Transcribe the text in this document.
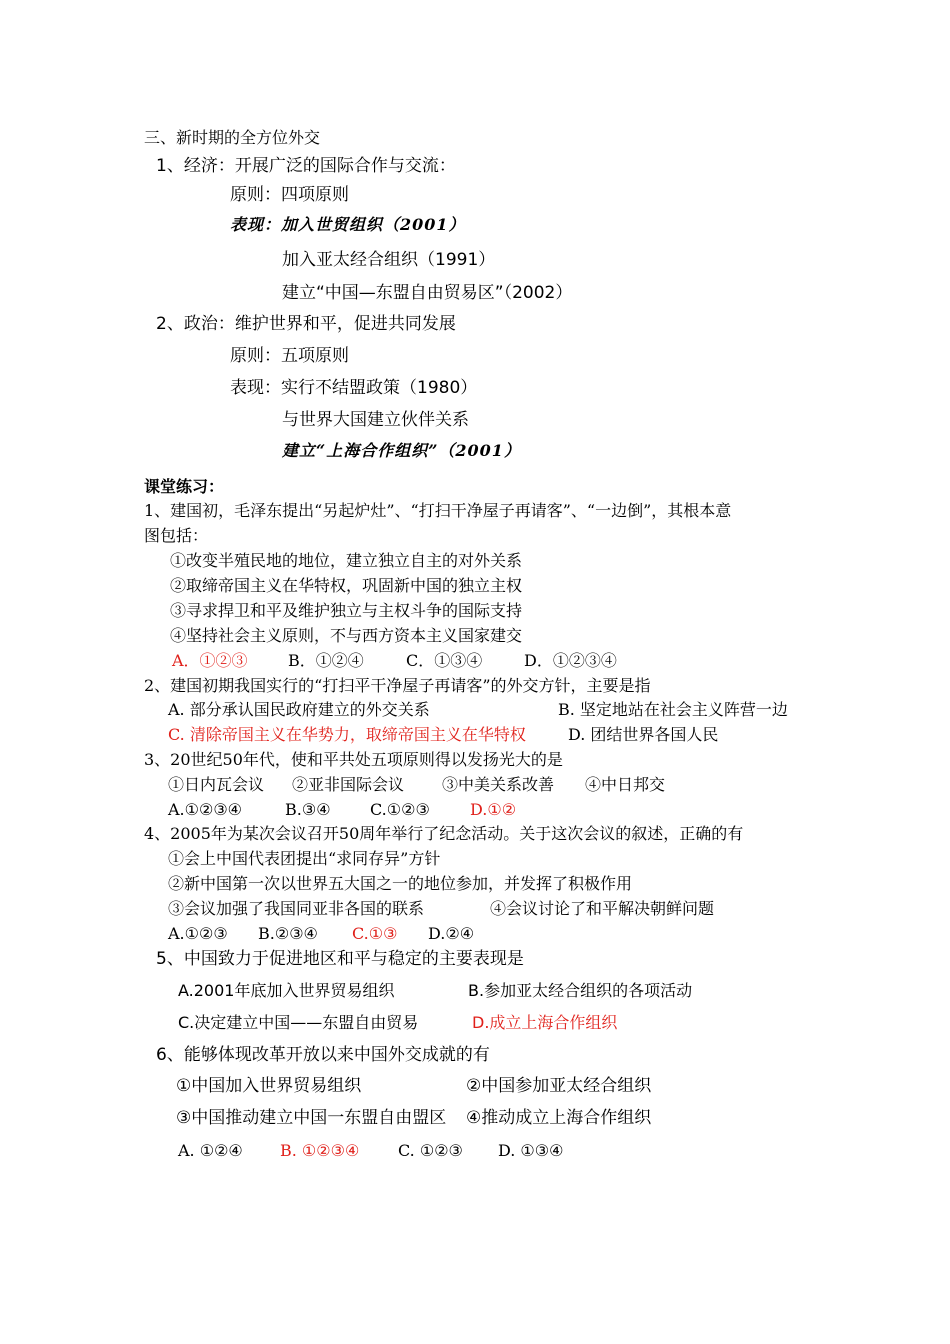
三、新时期的全方位外交
1、经济：开展广泛的国际合作与交流：
原则：四项原则
表现：加入世贸组织（2001）
加入亚太经合组织（1991）
建立“中国—东盟自由贸易区”（2002）
2、政治：维护世界和平，促进共同发展
原则：五项原则
表现：实行不结盟政策（1980）
与世界大国建立伙伴关系
建立“上海合作组织”（2001）
课堂练习：
1、建国初，毛泽东提出“另起炉灶”、“打扫干净屋子再请客”、“一边倒”，其根本意
图包括：
①改变半殖民地的地位，建立独立自主的对外关系
②取缔帝国主义在华特权，巩固新中国的独立主权
③寻求捍卫和平及维护独立与主权斗争的国际支持
④坚持社会主义原则，不与西方资本主义国家建交
A．①②③	B．①②④	C．①③④	D．①②③④
2、建国初期我国实行的“打扫平干净屋子再请客”的外交方针，主要是指
A. 部分承认国民政府建立的外交关系	B. 坚定地站在社会主义阵营一边
C. 清除帝国主义在华势力，取缔帝国主义在华特权	D. 团结世界各国人民
3、20世纪50年代，使和平共处五项原则得以发扬光大的是
①日内瓦会议 ②亚非国际会议 ③中美关系改善 ④中日邦交
A.①②③④	B.③④ C.①②③	D.①②
4、2005年为某次会议召开50周年举行了纪念活动。关于这次会议的叙述，正确的有
①会上中国代表团提出“求同存异”方针
②新中国第一次以世界五大国之一的地位参加，并发挥了积极作用
③会议加强了我国同亚非各国的联系	④会议讨论了和平解决朝鲜问题
A.①②③ B.②③④ C.①③ D.②④
5、中国致力于促进地区和平与稳定的主要表现是
A.2001年底加入世界贸易组织	B.参加亚太经合组织的各项活动
C.决定建立中国——东盟自由贸易	D.成立上海合作组织
6、能够体现改革开放以来中国外交成就的有
①中国加入世界贸易组织	②中国参加亚太经合组织
③中国推动建立中国一东盟自由盟区 ④推动成立上海合作组织
A. ①②④ B. ①②③④ C. ①②③ D. ①③④
